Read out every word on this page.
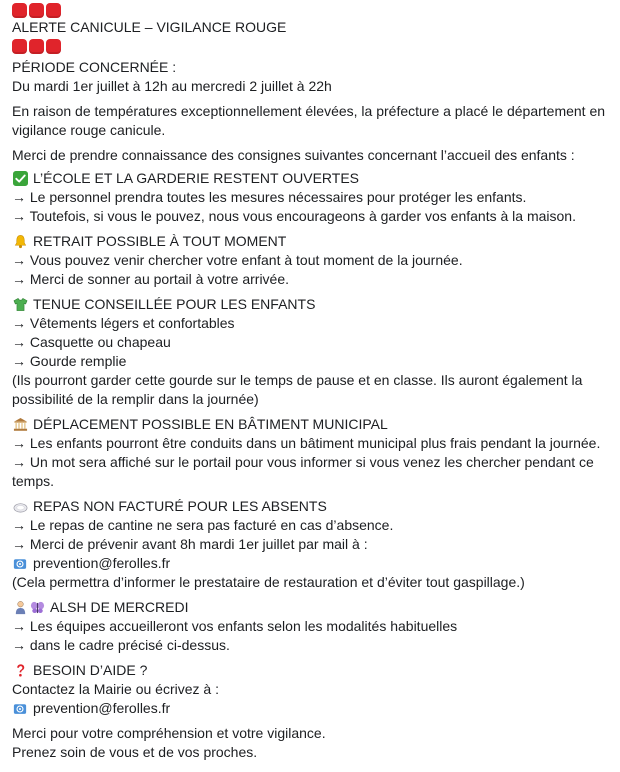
ALERTE CANICULE – VIGILANCE ROUGE
PÉRIODE CONCERNÉE :
Du mardi 1er juillet à 12h au mercredi 2 juillet à 22h
En raison de températures exceptionnellement élevées, la préfecture a placé le département en
vigilance rouge canicule.
Merci de prendre connaissance des consignes suivantes concernant l’accueil des enfants :
L’ÉCOLE ET LA GARDERIE RESTENT OUVERTES
→ Le personnel prendra toutes les mesures nécessaires pour protéger les enfants.
→ Toutefois, si vous le pouvez, nous vous encourageons à garder vos enfants à la maison.
RETRAIT POSSIBLE À TOUT MOMENT
→ Vous pouvez venir chercher votre enfant à tout moment de la journée.
→ Merci de sonner au portail à votre arrivée.
TENUE CONSEILLÉE POUR LES ENFANTS
→ Vêtements légers et confortables
→ Casquette ou chapeau
→ Gourde remplie
(Ils pourront garder cette gourde sur le temps de pause et en classe. Ils auront également la
possibilité de la remplir dans la journée)
DÉPLACEMENT POSSIBLE EN BÂTIMENT MUNICIPAL
→ Les enfants pourront être conduits dans un bâtiment municipal plus frais pendant la journée.
→ Un mot sera affiché sur le portail pour vous informer si vous venez les chercher pendant ce
temps.
REPAS NON FACTURÉ POUR LES ABSENTS
→ Le repas de cantine ne sera pas facturé en cas d’absence.
→ Merci de prévenir avant 8h mardi 1er juillet par mail à :
prevention@ferolles.fr
(Cela permettra d’informer le prestataire de restauration et d’éviter tout gaspillage.)
ALSH DE MERCREDI
→ Les équipes accueilleront vos enfants selon les modalités habituelles
→ dans le cadre précisé ci-dessus.
BESOIN D’AIDE ?
Contactez la Mairie ou écrivez à :
prevention@ferolles.fr
Merci pour votre compréhension et votre vigilance.
Prenez soin de vous et de vos proches.
